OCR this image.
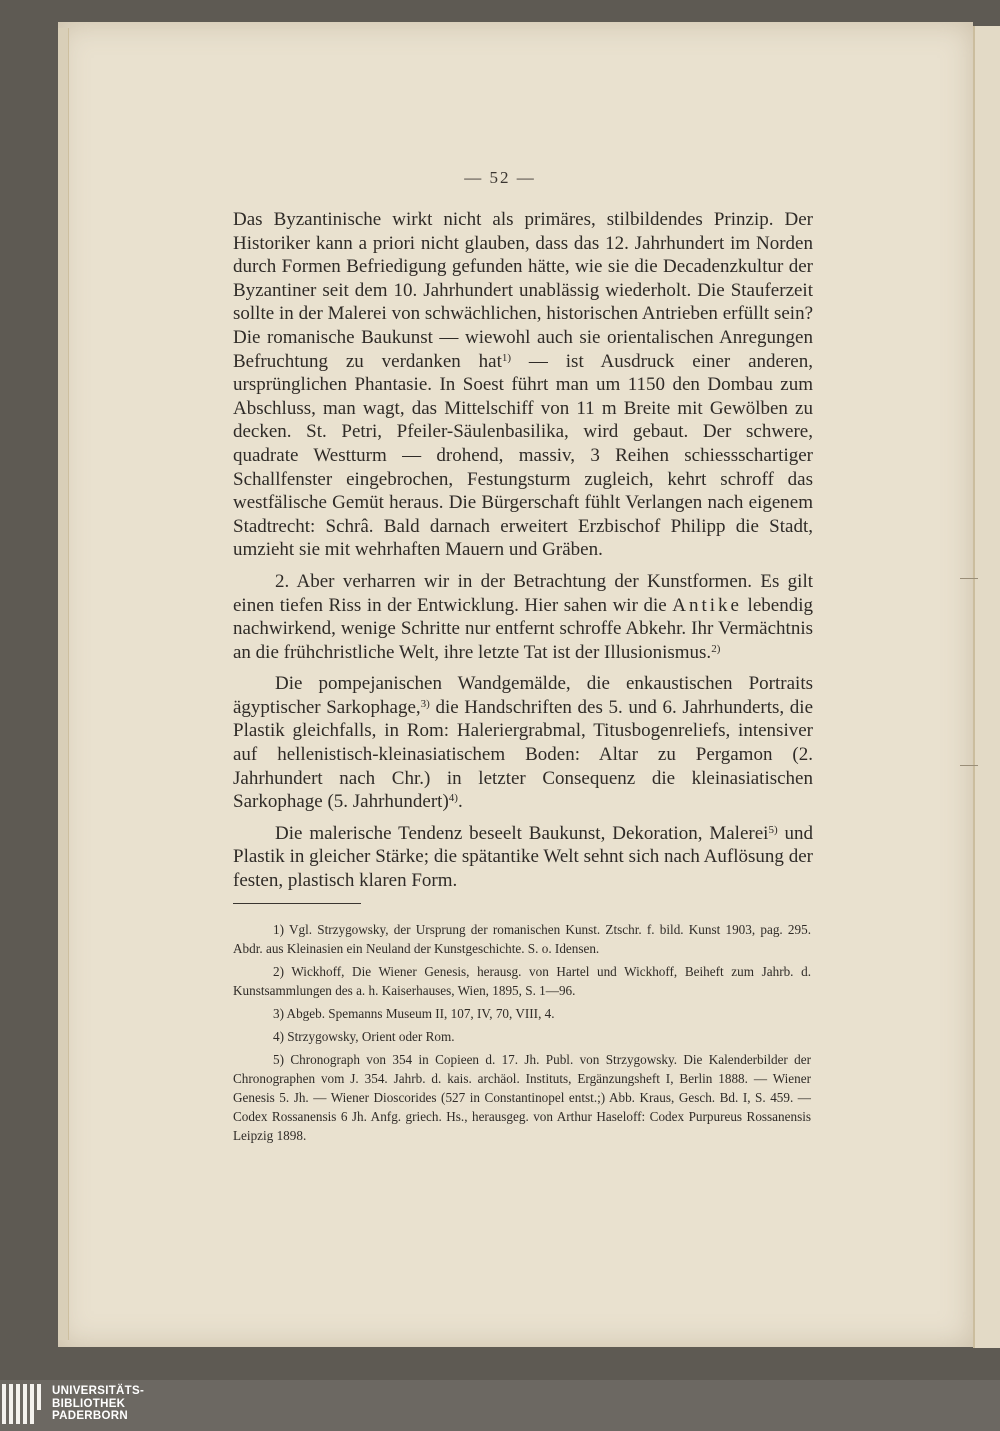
— 52 —

Das Byzantinische wirkt nicht als primäres, stilbildendes Prinzip. Der Historiker kann a priori nicht glauben, dass das 12. Jahrhundert im Norden durch Formen Befriedigung gefunden hätte, wie sie die Decadenzkultur der Byzantiner seit dem 10. Jahrhundert unablässig wiederholt. Die Stauferzeit sollte in der Malerei von schwächlichen, historischen Antrieben erfüllt sein? Die romanische Baukunst — wiewohl auch sie orientalischen Anregungen Befruchtung zu verdanken hat$^{1)}$ — ist Ausdruck einer anderen, ursprünglichen Phantasie. In Soest führt man um 1150 den Dombau zum Abschluss, man wagt, das Mittelschiff von 11 m Breite mit Gewölben zu decken. St. Petri, Pfeiler-Säulenbasilika, wird gebaut. Der schwere, quadrate Westturm — drohend, massiv, 3 Reihen schiessschartiger Schallfenster eingebrochen, Festungsturm zugleich, kehrt schroff das westfälische Gemüt heraus. Die Bürgerschaft fühlt Verlangen nach eigenem Stadtrecht: Schrâ. Bald darnach erweitert Erzbischof Philipp die Stadt, umzieht sie mit wehrhaften Mauern und Gräben.

2. Aber verharren wir in der Betrachtung der Kunstformen. Es gilt einen tiefen Riss in der Entwicklung. Hier sahen wir die Antike lebendig nachwirkend, wenige Schritte nur entfernt schroffe Abkehr. Ihr Vermächtnis an die frühchristliche Welt, ihre letzte Tat ist der Illusionismus.$^{2)}$

Die pompejanischen Wandgemälde, die enkaustischen Portraits ägyptischer Sarkophage,$^{3)}$ die Handschriften des 5. und 6. Jahrhunderts, die Plastik gleichfalls, in Rom: Haleriergrabmal, Titusbogenreliefs, intensiver auf hellenistisch-kleinasiatischem Boden: Altar zu Pergamon (2. Jahrhundert nach Chr.) in letzter Consequenz die kleinasiatischen Sarkophage (5. Jahrhundert)$^{4)}$.

Die malerische Tendenz beseelt Baukunst, Dekoration, Malerei$^{5)}$ und Plastik in gleicher Stärke; die spätantike Welt sehnt sich nach Auflösung der festen, plastisch klaren Form.

1) Vgl. Strzygowsky, der Ursprung der romanischen Kunst. Ztschr. f. bild. Kunst 1903, pag. 295. Abdr. aus Kleinasien ein Neuland der Kunstgeschichte. S. o. Idensen.

2) Wickhoff, Die Wiener Genesis, herausg. von Hartel und Wickhoff, Beiheft zum Jahrb. d. Kunstsammlungen des a. h. Kaiserhauses, Wien, 1895, S. 1—96.

3) Abgeb. Spemanns Museum II, 107, IV, 70, VIII, 4.

4) Strzygowsky, Orient oder Rom.

5) Chronograph von 354 in Copieen d. 17. Jh. Publ. von Strzygowsky. Die Kalenderbilder der Chronographen vom J. 354. Jahrb. d. kais. archäol. Instituts, Ergänzungsheft I, Berlin 1888. — Wiener Genesis 5. Jh. — Wiener Dioscorides (527 in Constantinopel entst.;) Abb. Kraus, Gesch. Bd. I, S. 459. — Codex Rossanensis 6 Jh. Anfg. griech. Hs., herausgeg. von Arthur Haseloff: Codex Purpureus Rossanensis Leipzig 1898.

UNIVERSITÄTS-
BIBLIOTHEK
PADERBORN
